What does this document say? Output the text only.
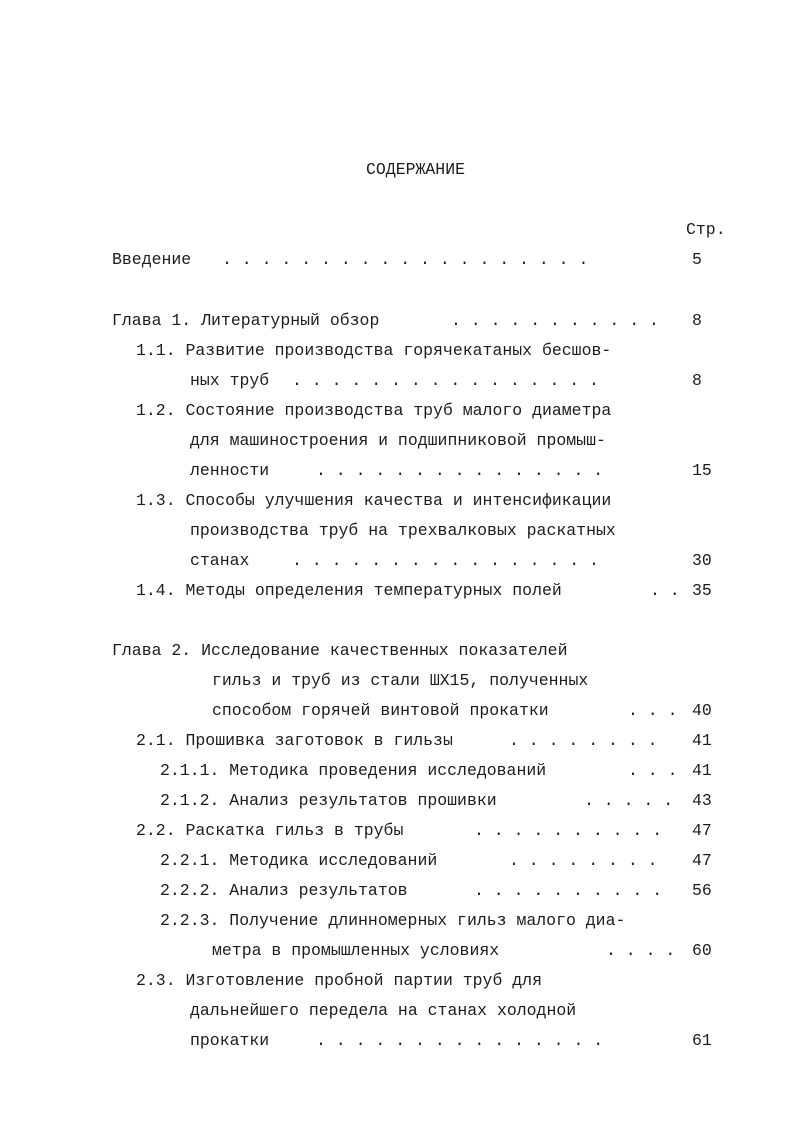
СОДЕРЖАНИЕ
Стр.
Введение . . . . . . . . . . . . . . . . . . .	5
Глава 1. Литературный обзор	. . . . . . . . . . . 8
1.1. Развитие производства горячекатаных бесшов-
ных труб . . . . . . . . . . . . . . . .	8
1.2. Состояние производства труб малого диаметра
для машиностроения и подшипниковой промыш-
ленности	. . . . . . . . . . . . . . .	15
1.3. Способы улучшения качества и интенсификации
производства труб на трехвалковых раскатных
станах	. . . . . . . . . . . . . . . .	30
1.4. Методы определения температурных полей	. . 35
Глава 2. Исследование качественных показателей
гильз и труб из стали ШХ15, полученных
способом горячей винтовой прокатки	. . . 40
2.1. Прошивка заготовок в гильзы	. . . . . . . . 41
2.1.1. Методика проведения исследований	. . . 41
2.1.2. Анализ результатов прошивки	. . . . . 43
2.2. Раскатка гильз в трубы	. . . . . . . . . . 47
2.2.1. Методика исследований	. . . . . . . . 47
2.2.2. Анализ результатов	. . . . . . . . . . 56
2.2.3. Получение длинномерных гильз малого диа-
метра в промышленных условиях	. . . . 60
2.3. Изготовление пробной партии труб для
дальнейшего передела на станах холодной
прокатки	. . . . . . . . . . . . . . .	61
